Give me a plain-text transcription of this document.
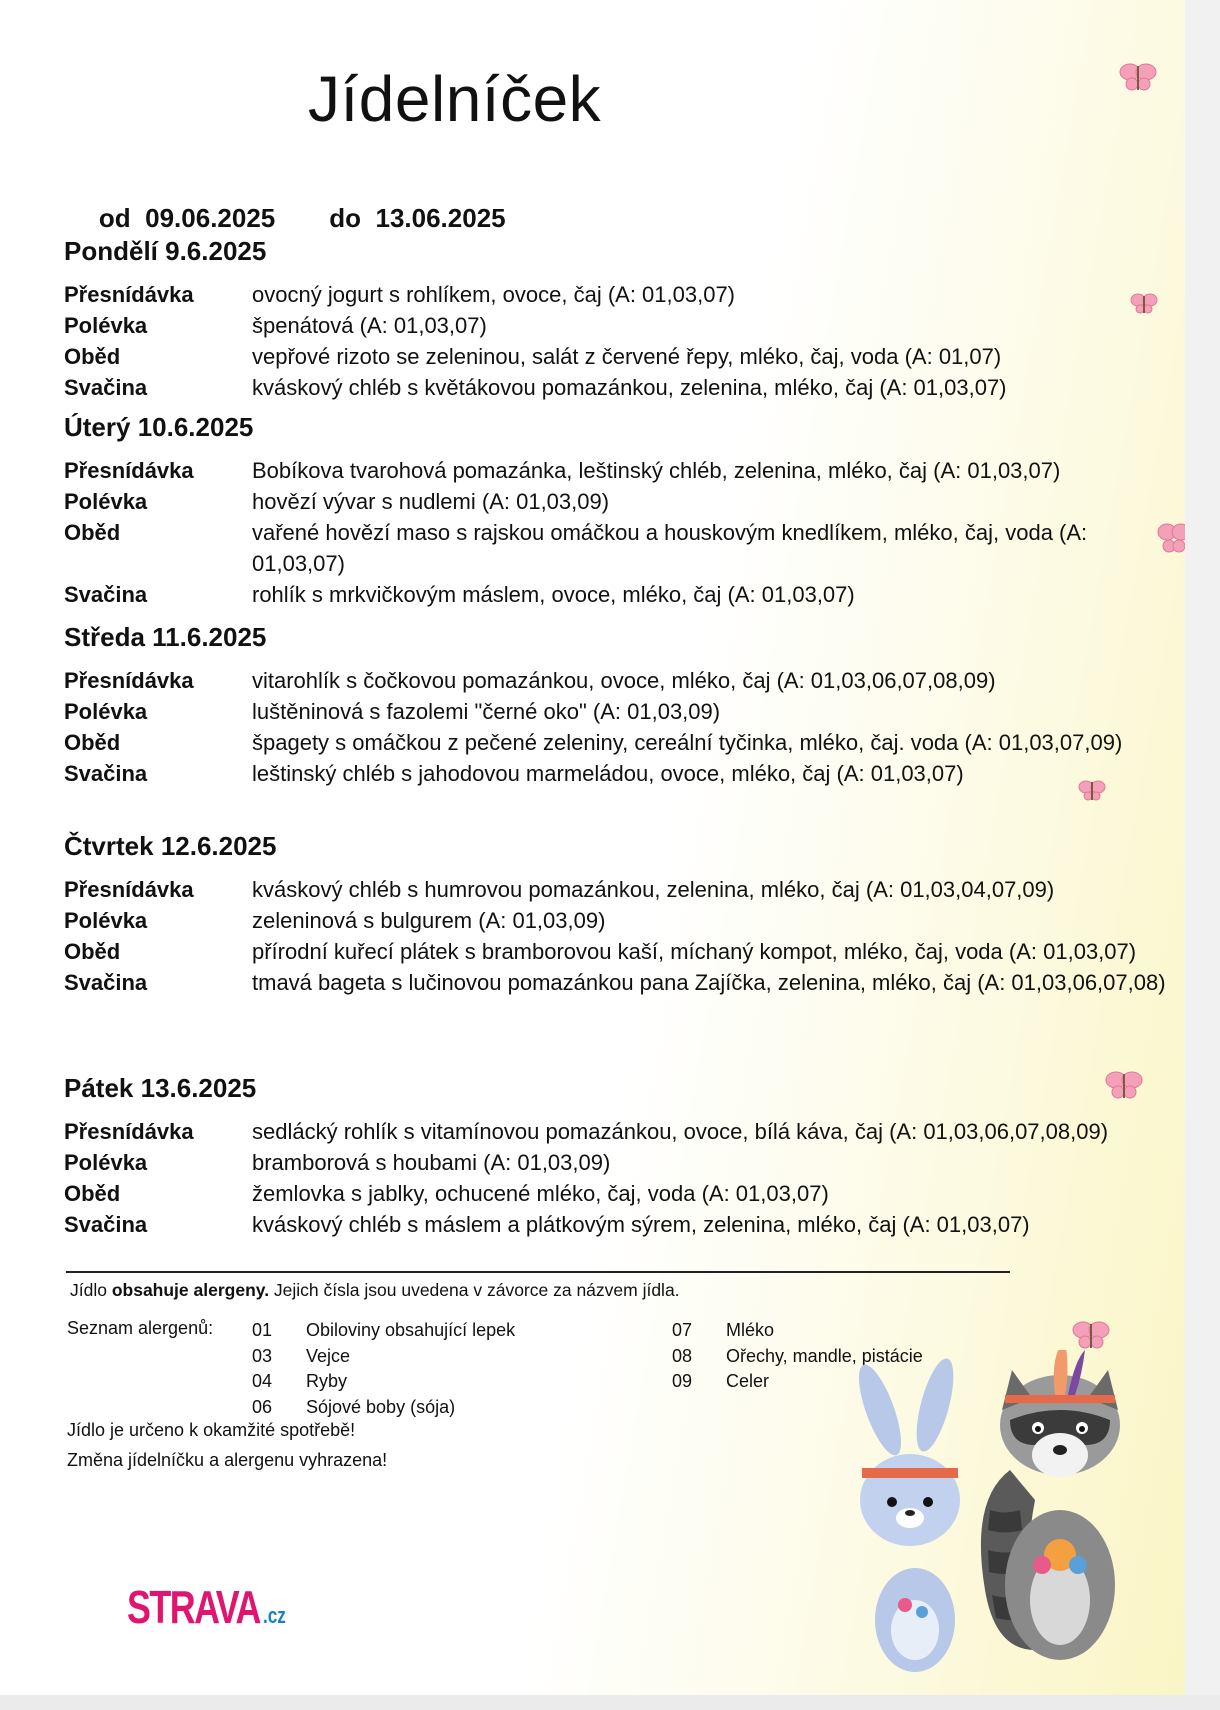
Jídelníček

od 09.06.2025 do 13.06.2025

Pondělí 9.6.2025
Přesnídávka	ovocný jogurt s rohlíkem, ovoce, čaj (A: 01,03,07)
Polévka	špenátová (A: 01,03,07)
Oběd	vepřové rizoto se zeleninou, salát z červené řepy, mléko, čaj, voda (A: 01,07)
Svačina	kváskový chléb s květákovou pomazánkou, zelenina, mléko, čaj (A: 01,03,07)
Úterý 10.6.2025
Přesnídávka	Bobíkova tvarohová pomazánka, leštinský chléb, zelenina, mléko, čaj (A: 01,03,07)
Polévka	hovězí vývar s nudlemi (A: 01,03,09)
Oběd	vařené hovězí maso s rajskou omáčkou a houskovým knedlíkem, mléko, čaj, voda (A: 01,03,07)
Svačina	rohlík s mrkvičkovým máslem, ovoce, mléko, čaj (A: 01,03,07)
Středa 11.6.2025
Přesnídávka	vitarohlík s čočkovou pomazánkou, ovoce, mléko, čaj (A: 01,03,06,07,08,09)
Polévka	luštěninová s fazolemi "černé oko" (A: 01,03,09)
Oběd	špagety s omáčkou z pečené zeleniny, cereální tyčinka, mléko, čaj. voda (A: 01,03,07,09)
Svačina	leštinský chléb s jahodovou marmeládou, ovoce, mléko, čaj (A: 01,03,07)
Čtvrtek 12.6.2025
Přesnídávka	kváskový chléb s humrovou pomazánkou, zelenina, mléko, čaj (A: 01,03,04,07,09)
Polévka	zeleninová s bulgurem (A: 01,03,09)
Oběd	přírodní kuřecí plátek s bramborovou kaší, míchaný kompot, mléko, čaj, voda (A: 01,03,07)
Svačina	tmavá bageta s lučinovou pomazánkou pana Zajíčka, zelenina, mléko, čaj (A: 01,03,06,07,08)
Pátek 13.6.2025
Přesnídávka	sedlácký rohlík s vitamínovou pomazánkou, ovoce, bílá káva, čaj (A: 01,03,06,07,08,09)
Polévka	bramborová s houbami (A: 01,03,09)
Oběd	žemlovka s jablky, ochucené mléko, čaj, voda (A: 01,03,07)
Svačina	kváskový chléb s máslem a plátkovým sýrem, zelenina, mléko, čaj (A: 01,03,07)
Jídlo obsahuje alergeny. Jejich čísla jsou uvedena v závorce za názvem jídla.
Seznam alergenů: 01	Obiloviny obsahující lepek
03	Vejce
04	Ryby
06	Sójové boby (sója)
07	Mléko
08	Ořechy, mandle, pistácie
09	Celer
Jídlo je určeno k okamžité spotřebě!
Změna jídelníčku a alergenu vyhrazena!
STRAVA .cz
